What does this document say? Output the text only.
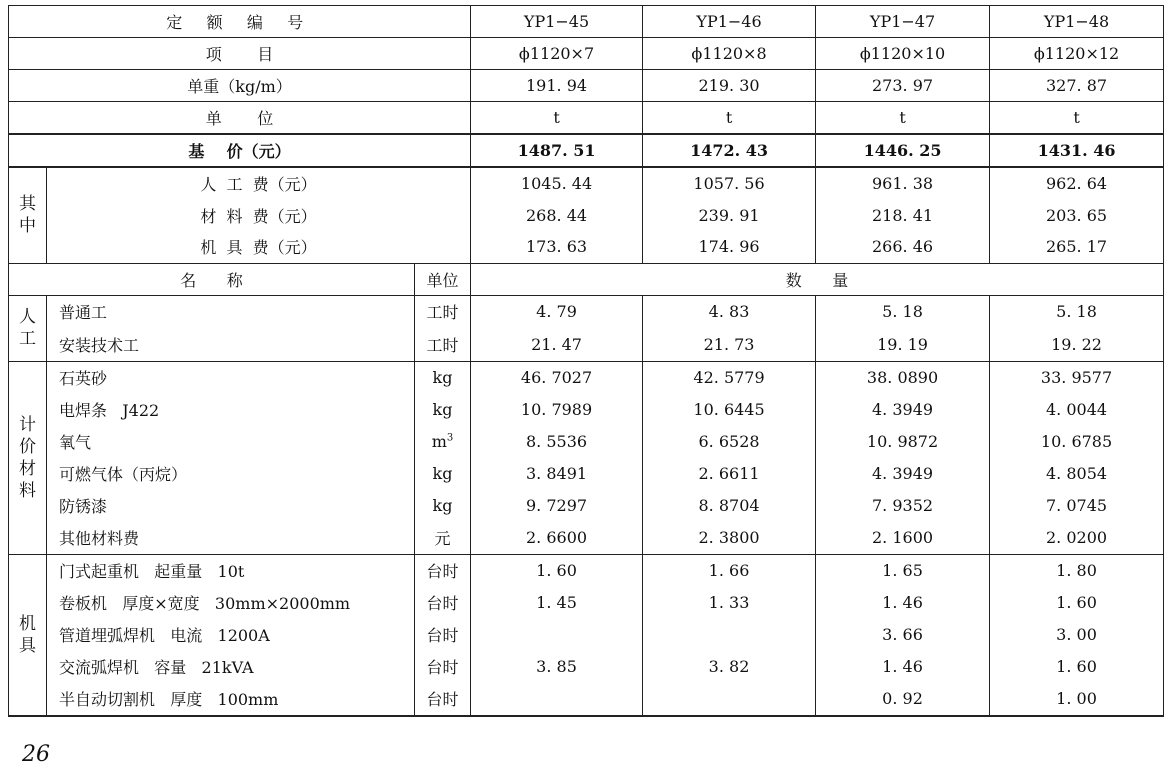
定 额 编 号			YP1−45	YP1−46	YP1−47	YP1−48
项       目			ϕ1120×7	ϕ1120×8	ϕ1120×10	ϕ1120×12
单重（kg/m）			191. 94	219. 30	273. 97	327. 87
单       位			t	t	t	t
基    价（元）			1487. 51	1472. 43	1446. 25	1431. 46
其中	人  工  费（元）		1045. 44	1057. 56	961. 38	962. 64
	材  料  费（元）		268. 44	239. 91	218. 41	203. 65
	机  具  费（元）		173. 63	174. 96	266. 46	265. 17
名      称		单位	数      量			
人工	普通工	工时	4. 79	4. 83	5. 18	5. 18
	安装技术工	工时	21. 47	21. 73	19. 19	19. 22
计价材料	石英砂	kg	46. 7027	42. 5779	38. 0890	33. 9577
	电焊条   J422	kg	10. 7989	10. 6445	4. 3949	4. 0044
	氧气	$m^3$	8. 5536	6. 6528	10. 9872	10. 6785
	可燃气体（丙烷）	kg	3. 8491	2. 6611	4. 3949	4. 8054
	防锈漆	kg	9. 7297	8. 8704	7. 9352	7. 0745
	其他材料费	元	2. 6600	2. 3800	2. 1600	2. 0200
机具	门式起重机   起重量   10t	台时	1. 60	1. 66	1. 65	1. 80
	卷板机   厚度×宽度   30mm×2000mm	台时	1. 45	1. 33	1. 46	1. 60
	管道埋弧焊机   电流   1200A	台时			3. 66	3. 00
	交流弧焊机   容量   21kVA	台时	3. 85	3. 82	1. 46	1. 60
	半自动切割机   厚度   100mm	台时			0. 92	1. 00
26
